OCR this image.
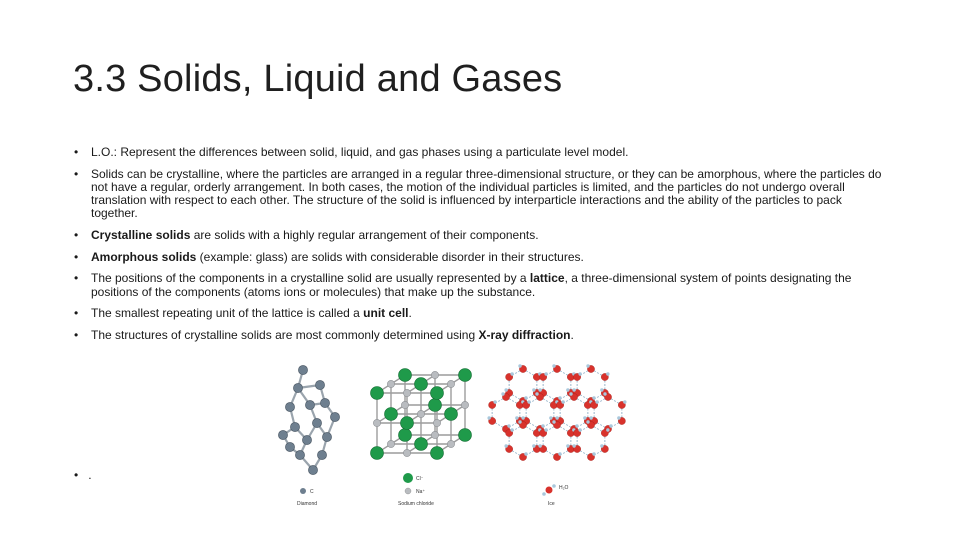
3.3 Solids, Liquid and Gases
• L.O.: Represent the differences between solid, liquid, and gas phases using a particulate level model.
• Solids can be crystalline, where the particles are arranged in a regular three-dimensional structure, or they can be amorphous, where the particles do not have a regular, orderly arrangement. In both cases, the motion of the individual particles is limited, and the particles do not undergo overall translation with respect to each other. The structure of the solid is influenced by interparticle interactions and the ability of the particles to pack together.
• Crystalline solids are solids with a highly regular arrangement of their components.
• Amorphous solids (example: glass) are solids with considerable disorder in their structures.
• The positions of the components in a crystalline solid are usually represented by a lattice, a three-dimensional system of points designating the positions of the components (atoms ions or molecules) that make up the substance.
• The smallest repeating unit of the lattice is called a unit cell.
• The structures of crystalline solids are most commonly determined using X-ray diffraction.
• .
C
Diamond
Cl⁻
Na⁺
Sodium chloride
H₂O
Ice
